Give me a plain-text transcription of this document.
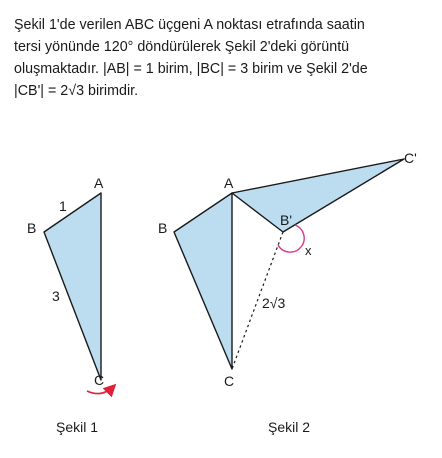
Şekil 1'de verilen ABC üçgeni A noktası etrafında saatin
tersi yönünde 120° döndürülerek Şekil 2'deki görüntü
oluşmaktadır. |AB| = 1 birim, |BC| = 3 birim ve Şekil 2'de
|CB'| = 2√3 birimdir.

A
B
C
1
3
Şekil 1
A
B
C
B'
C'
x
2√3
Şekil 2
